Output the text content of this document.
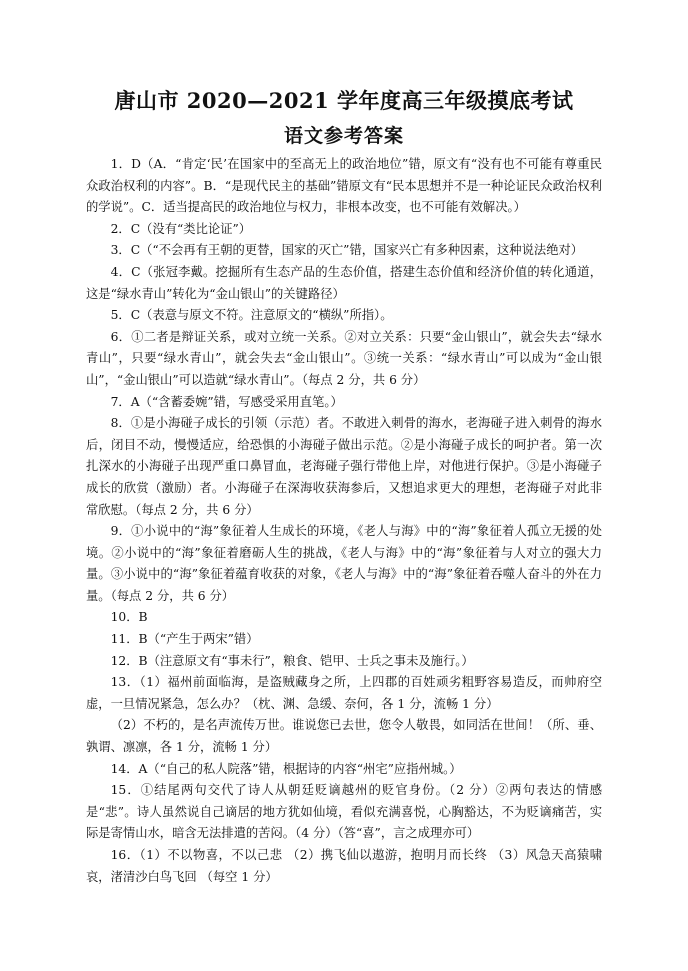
唐山市 2020—2021 学年度高三年级摸底考试
语文参考答案

1．D（A．“肯定‘民’在国家中的至高无上的政治地位”错，原文有“没有也不可能有尊重民众政治权利的内容”。B．“是现代民主的基础”错原文有“民本思想并不是一种论证民众政治权利的学说”。C．适当提高民的政治地位与权力，非根本改变，也不可能有效解决。）

2．C（没有“类比论证”）

3．C（“不会再有王朝的更替，国家的灭亡”错，国家兴亡有多种因素，这种说法绝对）

4．C（张冠李戴。挖掘所有生态产品的生态价值，搭建生态价值和经济价值的转化通道，这是“绿水青山”转化为“金山银山”的关键路径）

5．C（表意与原文不符。注意原文的“横纵”所指）。

6．①二者是辩证关系，或对立统一关系。②对立关系：只要“金山银山”，就会失去“绿水青山”，只要“绿水青山”，就会失去“金山银山”。③统一关系：“绿水青山”可以成为“金山银山”，“金山银山”可以造就“绿水青山”。（每点 2 分，共 6 分）

7．A（“含蓄委婉”错，写感受采用直笔。）

8．①是小海碰子成长的引领（示范）者。不敢进入刺骨的海水，老海碰子进入刺骨的海水后，闭目不动，慢慢适应，给恐惧的小海碰子做出示范。②是小海碰子成长的呵护者。第一次扎深水的小海碰子出现严重口鼻冒血，老海碰子强行带他上岸，对他进行保护。③是小海碰子成长的欣赏（激励）者。小海碰子在深海收获海参后，又想追求更大的理想，老海碰子对此非常欣慰。（每点 2 分，共 6 分）

9．①小说中的“海”象征着人生成长的环境，《老人与海》中的“海”象征着人孤立无援的处境。②小说中的“海”象征着磨砺人生的挑战，《老人与海》中的“海”象征着与人对立的强大力量。③小说中的“海”象征着蕴育收获的对象，《老人与海》中的“海”象征着吞噬人奋斗的外在力量。（每点 2 分，共 6 分）

10．B

11．B（“产生于两宋”错）

12．B（注意原文有“事未行”，粮食、铠甲、士兵之事未及施行。）

13．（1）福州前面临海，是盗贼藏身之所，上四郡的百姓顽劣粗野容易造反，而帅府空虚，一旦情况紧急，怎么办？（枕、渊、急缓、奈何，各 1 分，流畅 1 分）

（2）不朽的，是名声流传万世。谁说您已去世，您令人敬畏，如同活在世间！（所、垂、孰谓、凛凛，各 1 分，流畅 1 分）

14．A（“自己的私人院落”错，根据诗的内容“州宅”应指州城。）

15．①结尾两句交代了诗人从朝廷贬谪越州的贬官身份。（2 分）②两句表达的情感是“悲”。诗人虽然说自己谪居的地方犹如仙境，看似充满喜悦，心胸豁达，不为贬谪痛苦，实际是寄情山水，暗含无法排遣的苦闷。（4 分）（答“喜”，言之成理亦可）

16．（1）不以物喜，不以己悲 （2）携飞仙以遨游，抱明月而长终 （3）风急天高猿啸哀，渚清沙白鸟飞回 （每空 1 分）
